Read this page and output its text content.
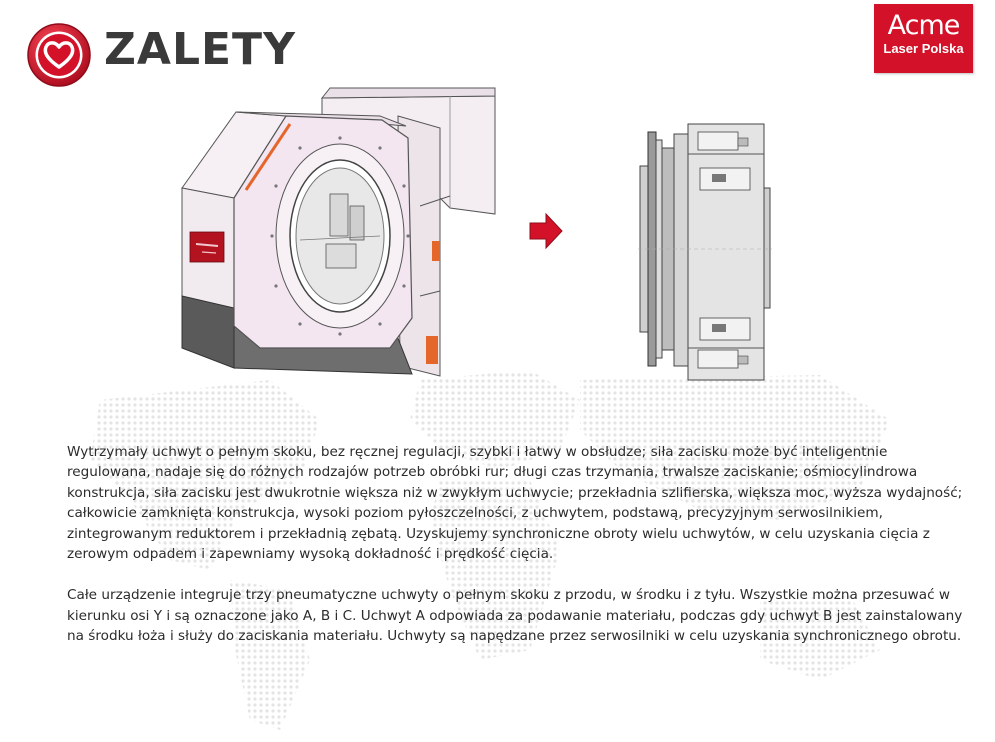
ZALETY	Acme
Laser Polska

Wytrzymały uchwyt o pełnym skoku, bez ręcznej regulacji, szybki i łatwy w obsłudze; siła zacisku może być inteligentnie regulowana, nadaje się do różnych rodzajów potrzeb obróbki rur; długi czas trzymania, trwalsze zaciskanie; ośmiocylindrowa konstrukcja, siła zacisku jest dwukrotnie większa niż w zwykłym uchwycie; przekładnia szlifierska, większa moc, wyższa wydajność; całkowicie zamknięta konstrukcja, wysoki poziom pyłoszczelności, z uchwytem, podstawą, precyzyjnym serwosilnikiem, zintegrowanym reduktorem i przekładnią zębatą. Uzyskujemy synchroniczne obroty wielu uchwytów, w celu uzyskania cięcia z zerowym odpadem i zapewniamy wysoką dokładność i prędkość cięcia.

Całe urządzenie integruje trzy pneumatyczne uchwyty o pełnym skoku z przodu, w środku i z tyłu. Wszystkie można przesuwać w kierunku osi Y i są oznaczone jako A, B i C. Uchwyt A odpowiada za podawanie materiału, podczas gdy uchwyt B jest zainstalowany na środku łoża i służy do zaciskania materiału. Uchwyty są napędzane przez serwosilniki w celu uzyskania synchronicznego obrotu.
